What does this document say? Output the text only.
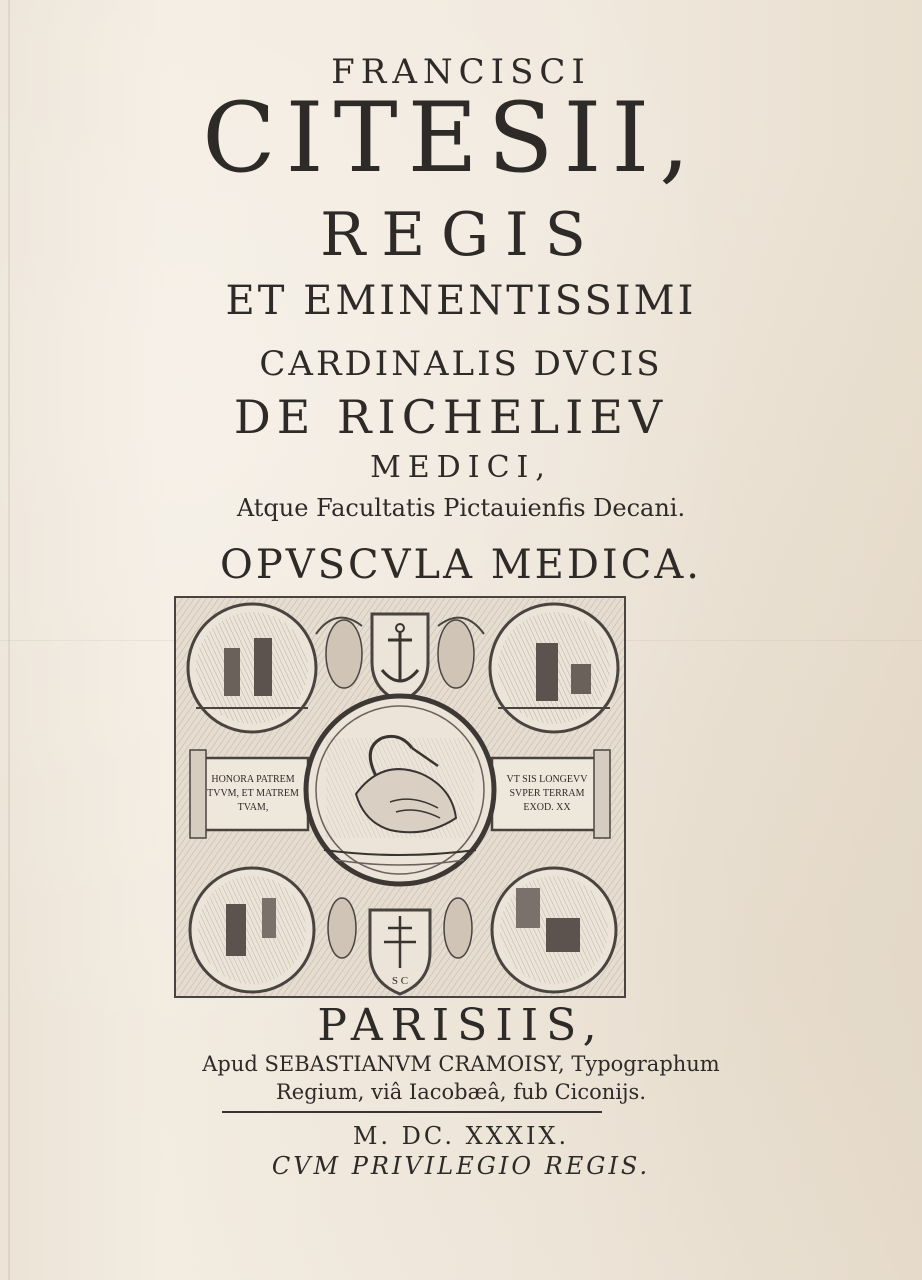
FRANCISCI
CITESII,
REGIS
ET EMINENTISSIMI
CARDINALIS DVCIS
DE RICHELIEV
MEDICI,
Atque Facultatis Pictauienfis Decani.
OPVSCVLA MEDICA.
HONORA PATREM
TVVM, ET MATREM
TVAM,
VT SIS LONGEVV
SVPER TERRAM
EXOD. XX
S C
PARISIIS,
Apud SEBASTIANVM CRAMOISY, Typographum
Regium, viâ Iacobæâ, fub Ciconijs.
M. DC. XXXIX.
CVM PRIVILEGIO REGIS.
